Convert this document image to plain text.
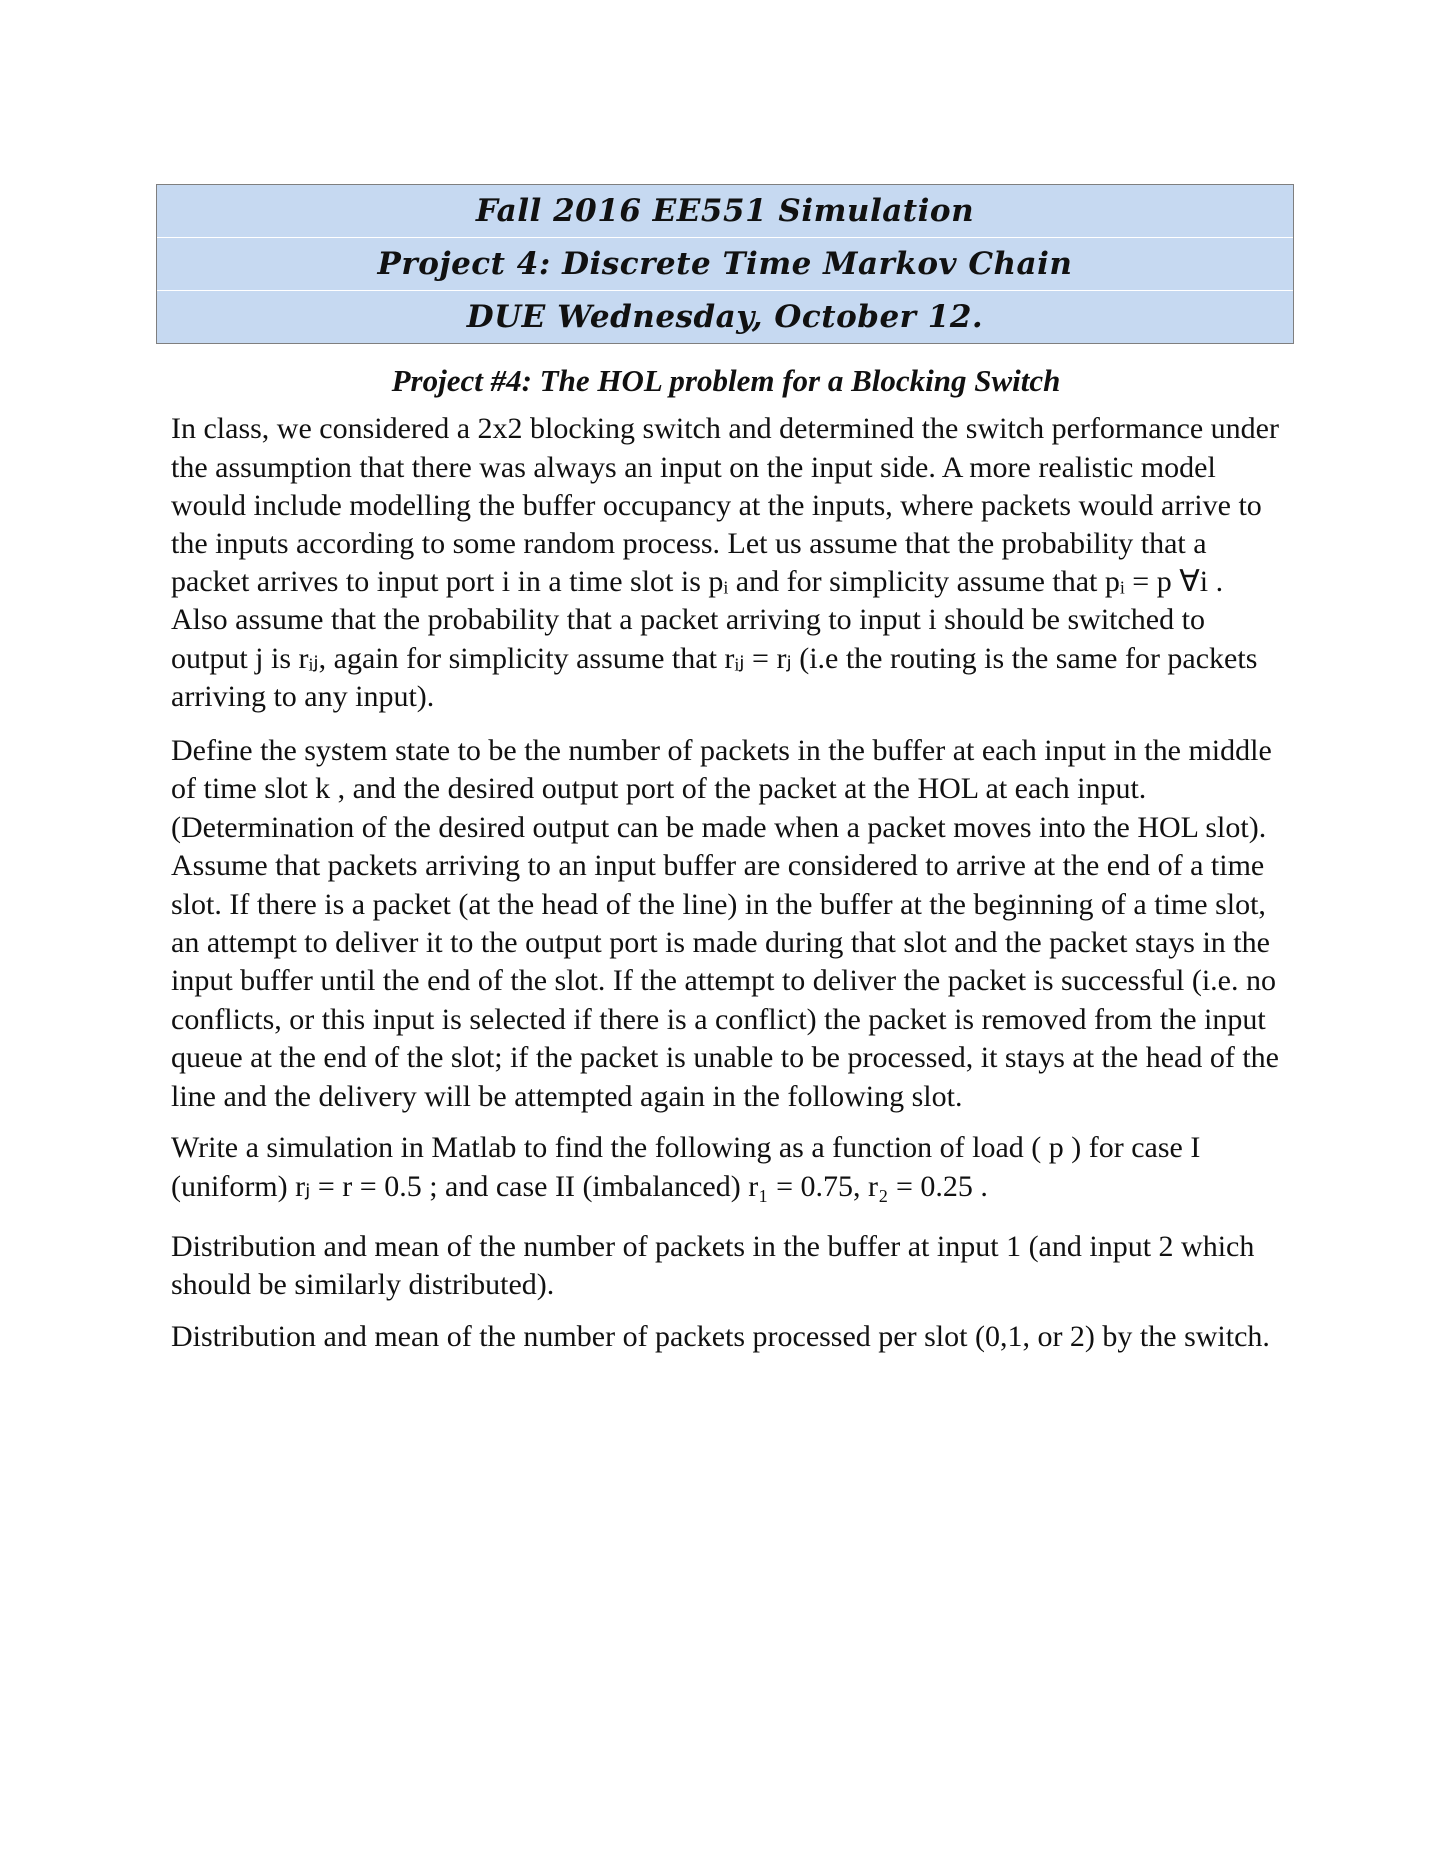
Fall 2016 EE551 Simulation
Project 4: Discrete Time Markov Chain
DUE Wednesday, October 12.
Project #4: The HOL problem for a Blocking Switch

In class, we considered a 2x2 blocking switch and determined the switch performance under the assumption that there was always an input on the input side. A more realistic model would include modelling the buffer occupancy at the inputs, where packets would arrive to the inputs according to some random process. Let us assume that the probability that a packet arrives to input port i in a time slot is pᵢ and for simplicity assume that pᵢ = p ∀i . Also assume that the probability that a packet arriving to input i should be switched to output j is rᵢⱼ, again for simplicity assume that rᵢⱼ = rⱼ (i.e the routing is the same for packets arriving to any input).

Define the system state to be the number of packets in the buffer at each input in the middle of time slot k , and the desired output port of the packet at the HOL at each input. (Determination of the desired output can be made when a packet moves into the HOL slot). Assume that packets arriving to an input buffer are considered to arrive at the end of a time slot. If there is a packet (at the head of the line) in the buffer at the beginning of a time slot, an attempt to deliver it to the output port is made during that slot and the packet stays in the input buffer until the end of the slot. If the attempt to deliver the packet is successful (i.e. no conflicts, or this input is selected if there is a conflict) the packet is removed from the input queue at the end of the slot; if the packet is unable to be processed, it stays at the head of the line and the delivery will be attempted again in the following slot.

Write a simulation in Matlab to find the following as a function of load ( p ) for case I (uniform) rⱼ = r = 0.5 ; and case II (imbalanced) r₁ = 0.75, r₂ = 0.25 .

Distribution and mean of the number of packets in the buffer at input 1 (and input 2 which should be similarly distributed).

Distribution and mean of the number of packets processed per slot (0,1, or 2) by the switch.
